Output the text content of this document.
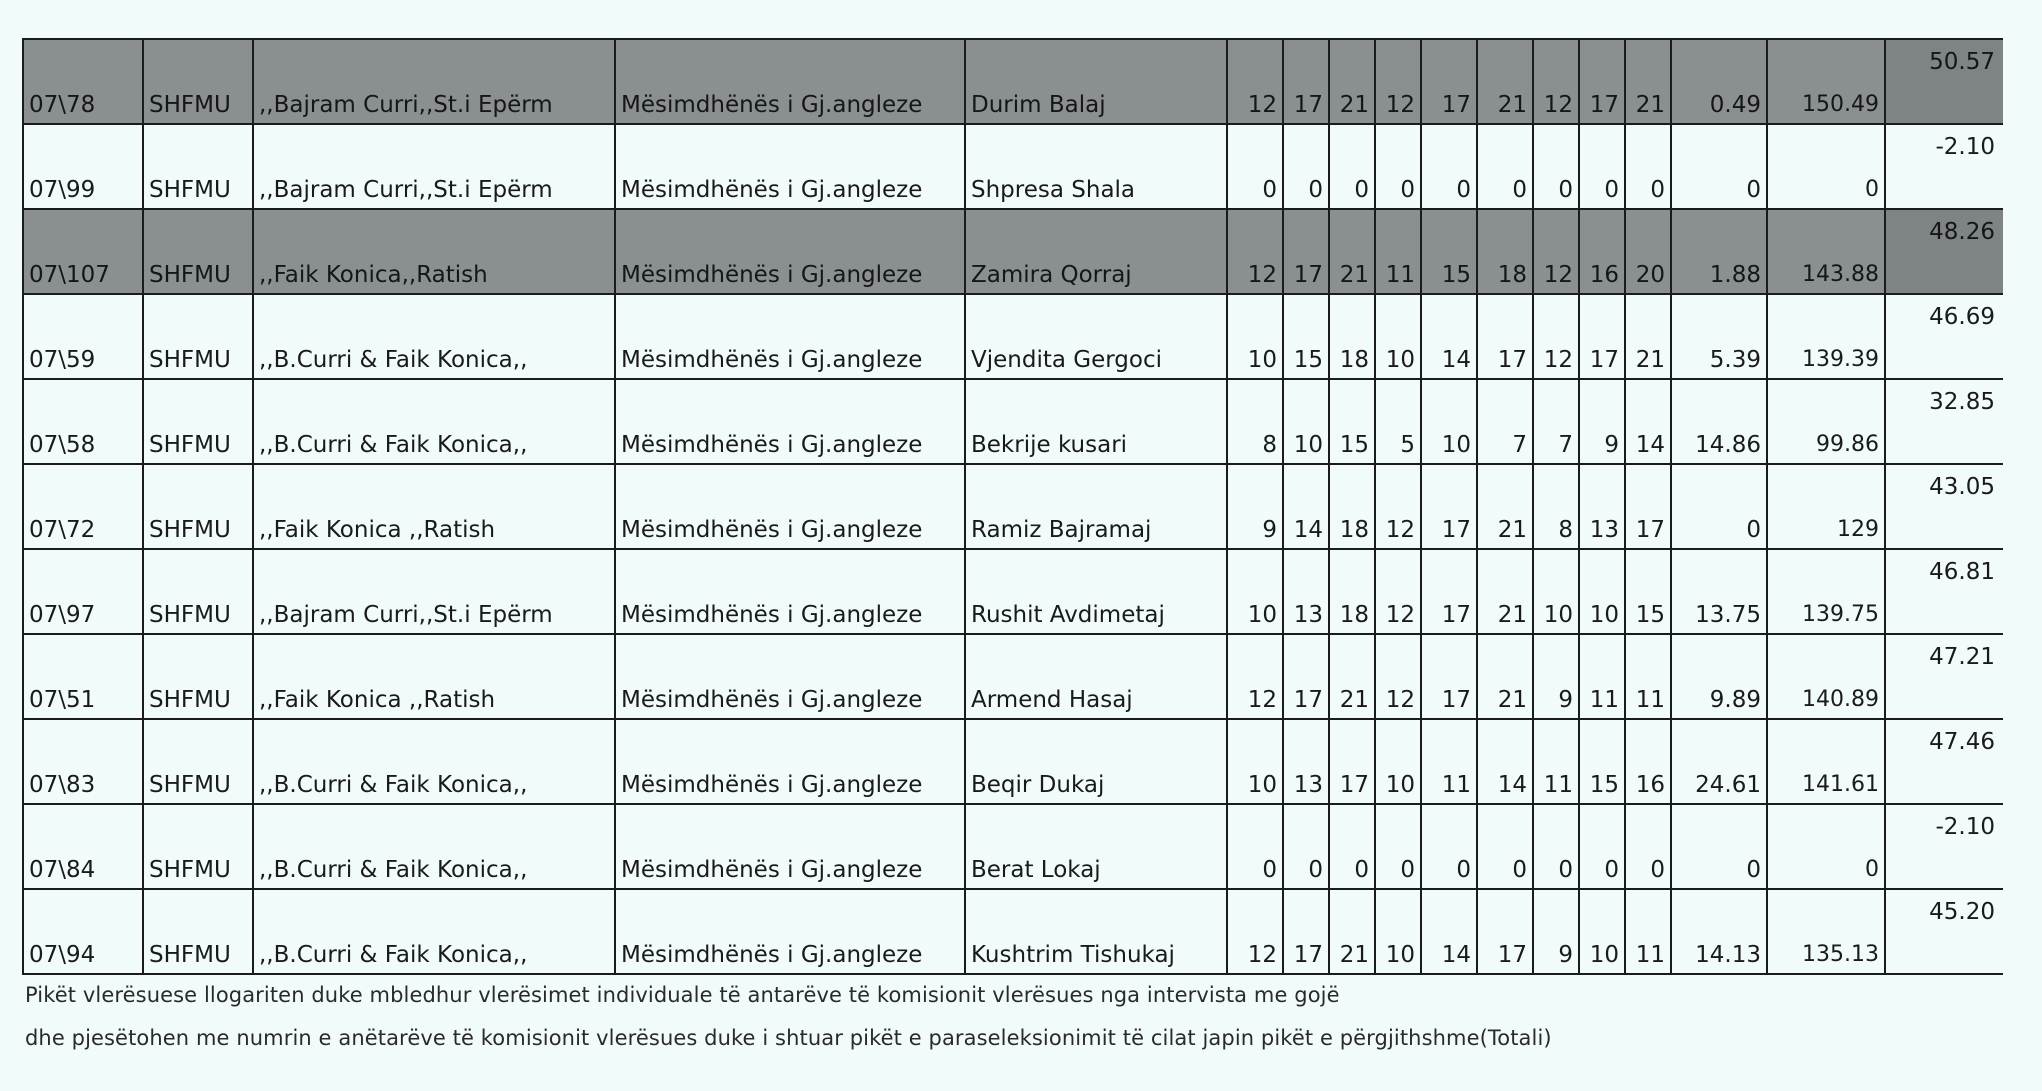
07\78	SHFMU	,,Bajram Curri,,St.i Epërm	Mësimdhënës i Gj.angleze	Durim Balaj	12	17	21	12	17	21	12	17	21	0.49	150.49	50.57
07\99	SHFMU	,,Bajram Curri,,St.i Epërm	Mësimdhënës i Gj.angleze	Shpresa Shala	0	0	0	0	0	0	0	0	0	0	0	-2.10
07\107	SHFMU	,,Faik Konica,,Ratish	Mësimdhënës i Gj.angleze	Zamira Qorraj	12	17	21	11	15	18	12	16	20	1.88	143.88	48.26
07\59	SHFMU	,,B.Curri & Faik Konica,,	Mësimdhënës i Gj.angleze	Vjendita Gergoci	10	15	18	10	14	17	12	17	21	5.39	139.39	46.69
07\58	SHFMU	,,B.Curri & Faik Konica,,	Mësimdhënës i Gj.angleze	Bekrije kusari	8	10	15	5	10	7	7	9	14	14.86	99.86	32.85
07\72	SHFMU	,,Faik Konica ,,Ratish	Mësimdhënës i Gj.angleze	Ramiz Bajramaj	9	14	18	12	17	21	8	13	17	0	129	43.05
07\97	SHFMU	,,Bajram Curri,,St.i Epërm	Mësimdhënës i Gj.angleze	Rushit Avdimetaj	10	13	18	12	17	21	10	10	15	13.75	139.75	46.81
07\51	SHFMU	,,Faik Konica ,,Ratish	Mësimdhënës i Gj.angleze	Armend Hasaj	12	17	21	12	17	21	9	11	11	9.89	140.89	47.21
07\83	SHFMU	,,B.Curri & Faik Konica,,	Mësimdhënës i Gj.angleze	Beqir Dukaj	10	13	17	10	11	14	11	15	16	24.61	141.61	47.46
07\84	SHFMU	,,B.Curri & Faik Konica,,	Mësimdhënës i Gj.angleze	Berat Lokaj	0	0	0	0	0	0	0	0	0	0	0	-2.10
07\94	SHFMU	,,B.Curri & Faik Konica,,	Mësimdhënës i Gj.angleze	Kushtrim Tishukaj	12	17	21	10	14	17	9	10	11	14.13	135.13	45.20
Pikët vlerësuese llogariten duke mbledhur vlerësimet individuale të antarëve të komisionit vlerësues nga intervista me gojë
dhe pjesëtohen me numrin e anëtarëve të komisionit vlerësues duke i shtuar pikët e paraseleksionimit të cilat japin pikët e përgjithshme(Totali)
